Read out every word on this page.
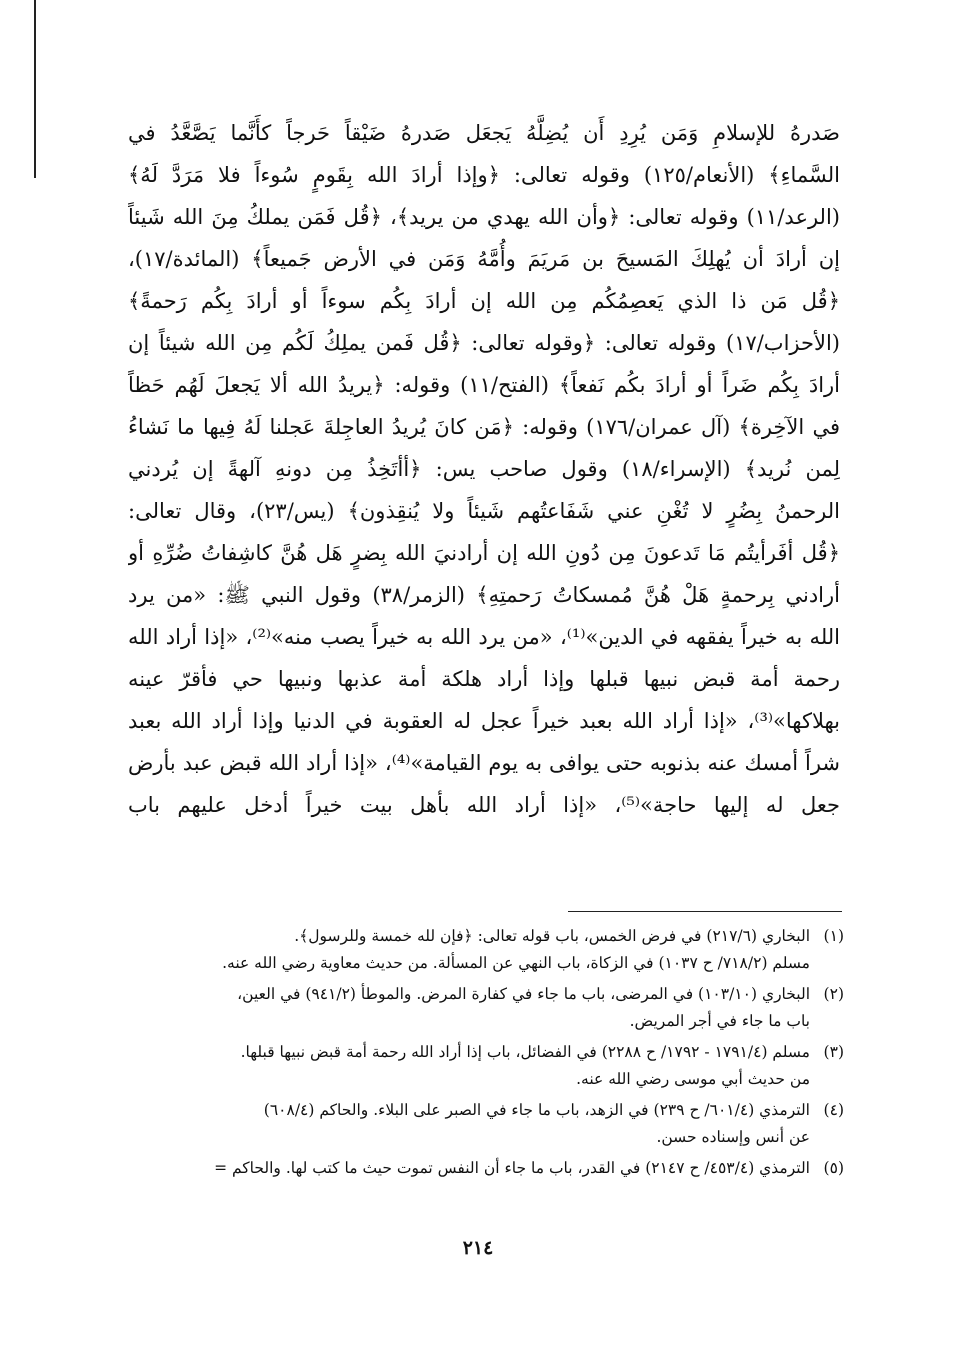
صَدرهُ للإسلامِ وَمَن يُرِدِ أَن يُضِلَّهُ يَجعَل صَدرهُ ضَيْقاً حَرجاً كأَنَّما يَصَّعَّدُ في
السَّماءِ﴾ (الأنعام/١٢٥) وقوله تعالى: ﴿وإذا أرادَ الله بِقَومٍ سُوءاً فلا مَرَدَّ لَهُ﴾
(الرعد/١١) وقوله تعالى: ﴿وأن الله يهدي من يريد﴾، ﴿قُل فَمَن يملكُ مِنَ الله شَيئاً
إن أرادَ أن يُهلِكَ المَسيحَ بن مَريَمَ وأُمَّهُ وَمَن في الأرض جَميعاً﴾ (المائدة/١٧)،
﴿قُل مَن ذا الذي يَعصِمُكُم مِن الله إن أرادَ بِكُم سوءاً أو أرادَ بِكُم رَحمةً﴾
(الأحزاب/١٧) وقوله تعالى: ﴿وقوله تعالى: ﴿قُل فَمن يملِكُ لَكُم مِن الله شيئاً إن
أرادَ بِكُم ضَراً أو أرادَ بكُم نَفعاً﴾ (الفتح/١١) وقوله: ﴿يريدُ الله ألا يَجعلَ لَهُم حَظاً
في الآخِرة﴾ (آل عمران/١٧٦) وقوله: ﴿مَن كانَ يُريدُ العاجِلةَ عَجلنا لَهُ فِيها ما نَشاءُ
لِمن نُريد﴾ (الإسراء/١٨) وقول صاحب يس: ﴿أأتَخِذُ مِن دونهِ آلهةً إن يُردني
الرحمنُ بِضُرٍ لا تُغْنِ عني شَفَاعتُهم شَيئاً ولا يُنقِذون﴾ (يس/٢٣)، وقال تعالى:
﴿قُل أفَرأيتُم مَا تَدعونَ مِن دُونِ الله إن أرادنيَ الله بِضرٍ هَل هُنَّ كاشِفاتُ ضُرِّهِ أو
أرادني بِرحمةٍ هَلْ هُنَّ مُمسكاتُ رَحمتِهِ﴾ (الزمر/٣٨) وقول النبي ﷺ: «من يرد
الله به خيراً يفقهه في الدين»⁽¹⁾، «من يرد الله به خيراً يصب منه»⁽²⁾، «إذا أراد الله
رحمة أمة قبض نبيها قبلها وإذا أراد هلكة أمة عذبها ونبيها حي فأقرّ عينه
بهلاكها»⁽³⁾، «إذا أراد الله بعبد خيراً عجل له العقوبة في الدنيا وإذا أراد الله بعبد
شراً أمسك عنه بذنوبه حتى يوافى به يوم القيامة»⁽⁴⁾، «إذا أراد الله قبض عبد بأرض
جعل له إليها حاجة»⁽⁵⁾، «إذا أراد الله بأهل بيت خيراً أدخل عليهم باب
(١)البخاري (٢١٧/٦) في فرض الخمس، باب قوله تعالى: ﴿فإن لله خمسة وللرسول﴾.
مسلم (٧١٨/٢/ ح ١٠٣٧) في الزكاة، باب النهي عن المسألة. من حديث معاوية رضي الله عنه.
(٢)البخاري (١٠٣/١٠) في المرضى، باب ما جاء في كفارة المرض. والموطأ (٩٤١/٢) في العين،
باب ما جاء في أجر المريض.
(٣)مسلم (١٧٩١/٤ - ١٧٩٢/ ح ٢٢٨٨) في الفضائل، باب إذا أراد الله رحمة أمة قبض نبيها قبلها.
من حديث أبي موسى رضي الله عنه.
(٤)الترمذي (٦٠١/٤/ ح ٢٣٩) في الزهد، باب ما جاء في الصبر على البلاء. والحاكم (٦٠٨/٤)
عن أنس وإسناده حسن.
(٥)الترمذي (٤٥٣/٤/ ح ٢١٤٧) في القدر، باب ما جاء أن النفس تموت حيث ما كتب لها. والحاكم =
٢١٤
